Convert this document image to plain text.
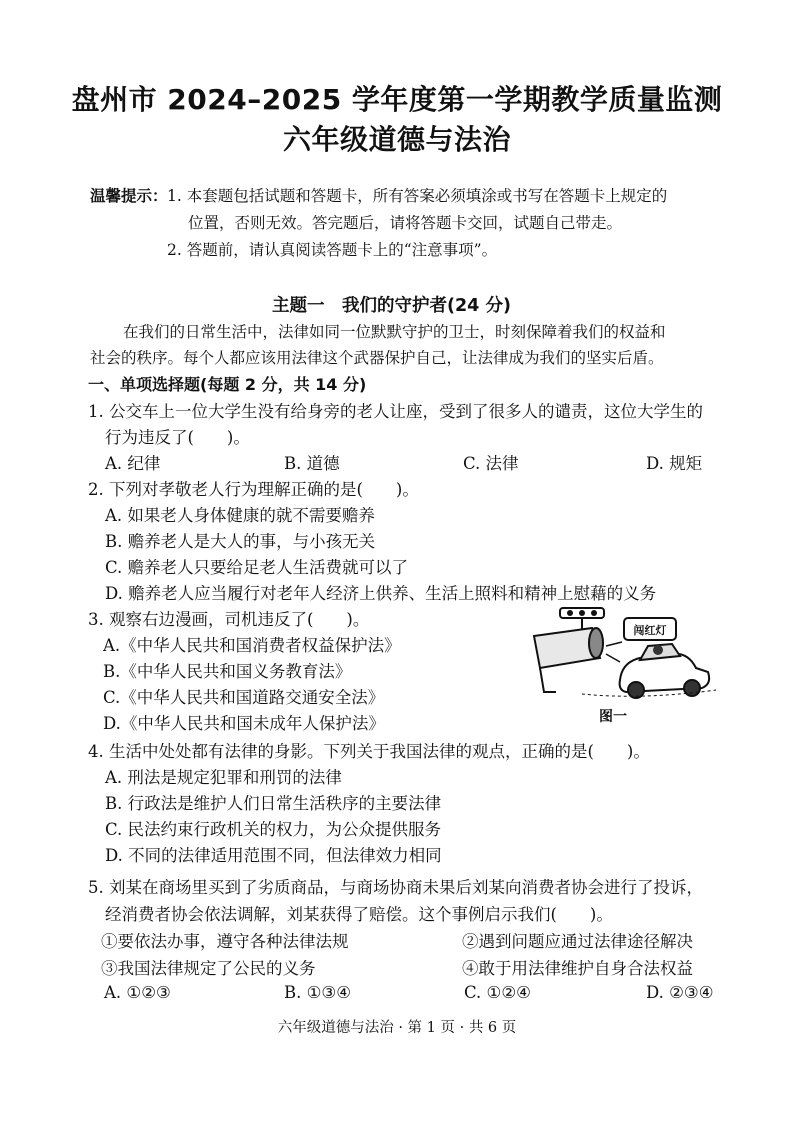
盘州市 2024–2025 学年度第一学期教学质量监测
六年级道德与法治
温馨提示： 1. 本套题包括试题和答题卡，所有答案必须填涂或书写在答题卡上规定的
位置，否则无效。答完题后，请将答题卡交回，试题自己带走。
2. 答题前，请认真阅读答题卡上的“注意事项”。
主题一　我们的守护者(24 分)
在我们的日常生活中，法律如同一位默默守护的卫士，时刻保障着我们的权益和
社会的秩序。每个人都应该用法律这个武器保护自己，让法律成为我们的坚实后盾。
一、单项选择题(每题 2 分，共 14 分)
1. 公交车上一位大学生没有给身旁的老人让座，受到了很多人的谴责，这位大学生的
行为违反了(　　)。
A. 纪律	B. 道德	C. 法律	D. 规矩
2. 下列对孝敬老人行为理解正确的是(　　)。
A. 如果老人身体健康的就不需要赡养
B. 赡养老人是大人的事，与小孩无关
C. 赡养老人只要给足老人生活费就可以了
D. 赡养老人应当履行对老年人经济上供养、生活上照料和精神上慰藉的义务
3. 观察右边漫画，司机违反了(　　)。
A.《中华人民共和国消费者权益保护法》
B.《中华人民共和国义务教育法》
C.《中华人民共和国道路交通安全法》
D.《中华人民共和国未成年人保护法》
闯红灯
图一
4. 生活中处处都有法律的身影。下列关于我国法律的观点，正确的是(　　)。
A. 刑法是规定犯罪和刑罚的法律
B. 行政法是维护人们日常生活秩序的主要法律
C. 民法约束行政机关的权力，为公众提供服务
D. 不同的法律适用范围不同，但法律效力相同
5. 刘某在商场里买到了劣质商品，与商场协商未果后刘某向消费者协会进行了投诉，
经消费者协会依法调解，刘某获得了赔偿。这个事例启示我们(　　)。
①要依法办事，遵守各种法律法规	②遇到问题应通过法律途径解决
③我国法律规定了公民的义务	④敢于用法律维护自身合法权益
A. ①②③	B. ①③④	C. ①②④	D. ②③④
六年级道德与法治 · 第 1 页 · 共 6 页
